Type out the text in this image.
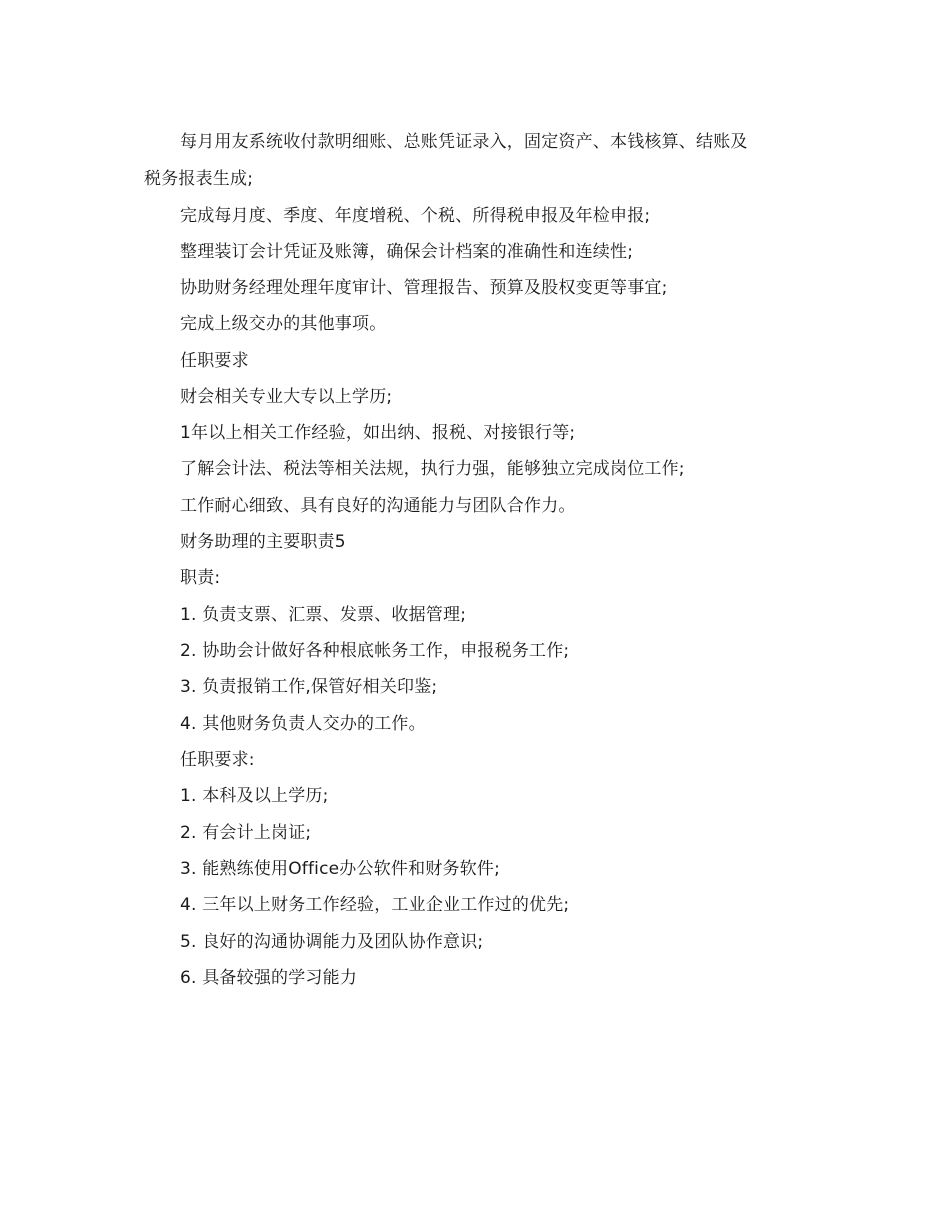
每月用友系统收付款明细账、总账凭证录入，固定资产、本钱核算、结账及
税务报表生成;
完成每月度、季度、年度增税、个税、所得税申报及年检申报;
整理装订会计凭证及账簿，确保会计档案的准确性和连续性;
协助财务经理处理年度审计、管理报告、预算及股权变更等事宜;
完成上级交办的其他事项。
任职要求
财会相关专业大专以上学历;
1年以上相关工作经验，如出纳、报税、对接银行等;
了解会计法、税法等相关法规，执行力强，能够独立完成岗位工作;
工作耐心细致、具有良好的沟通能力与团队合作力。
财务助理的主要职责5
职责:
1. 负责支票、汇票、发票、收据管理;
2. 协助会计做好各种根底帐务工作，申报税务工作;
3. 负责报销工作,保管好相关印鉴;
4. 其他财务负责人交办的工作。
任职要求:
1. 本科及以上学历;
2. 有会计上岗证;
3. 能熟练使用Office办公软件和财务软件;
4. 三年以上财务工作经验，工业企业工作过的优先;
5. 良好的沟通协调能力及团队协作意识;
6. 具备较强的学习能力
